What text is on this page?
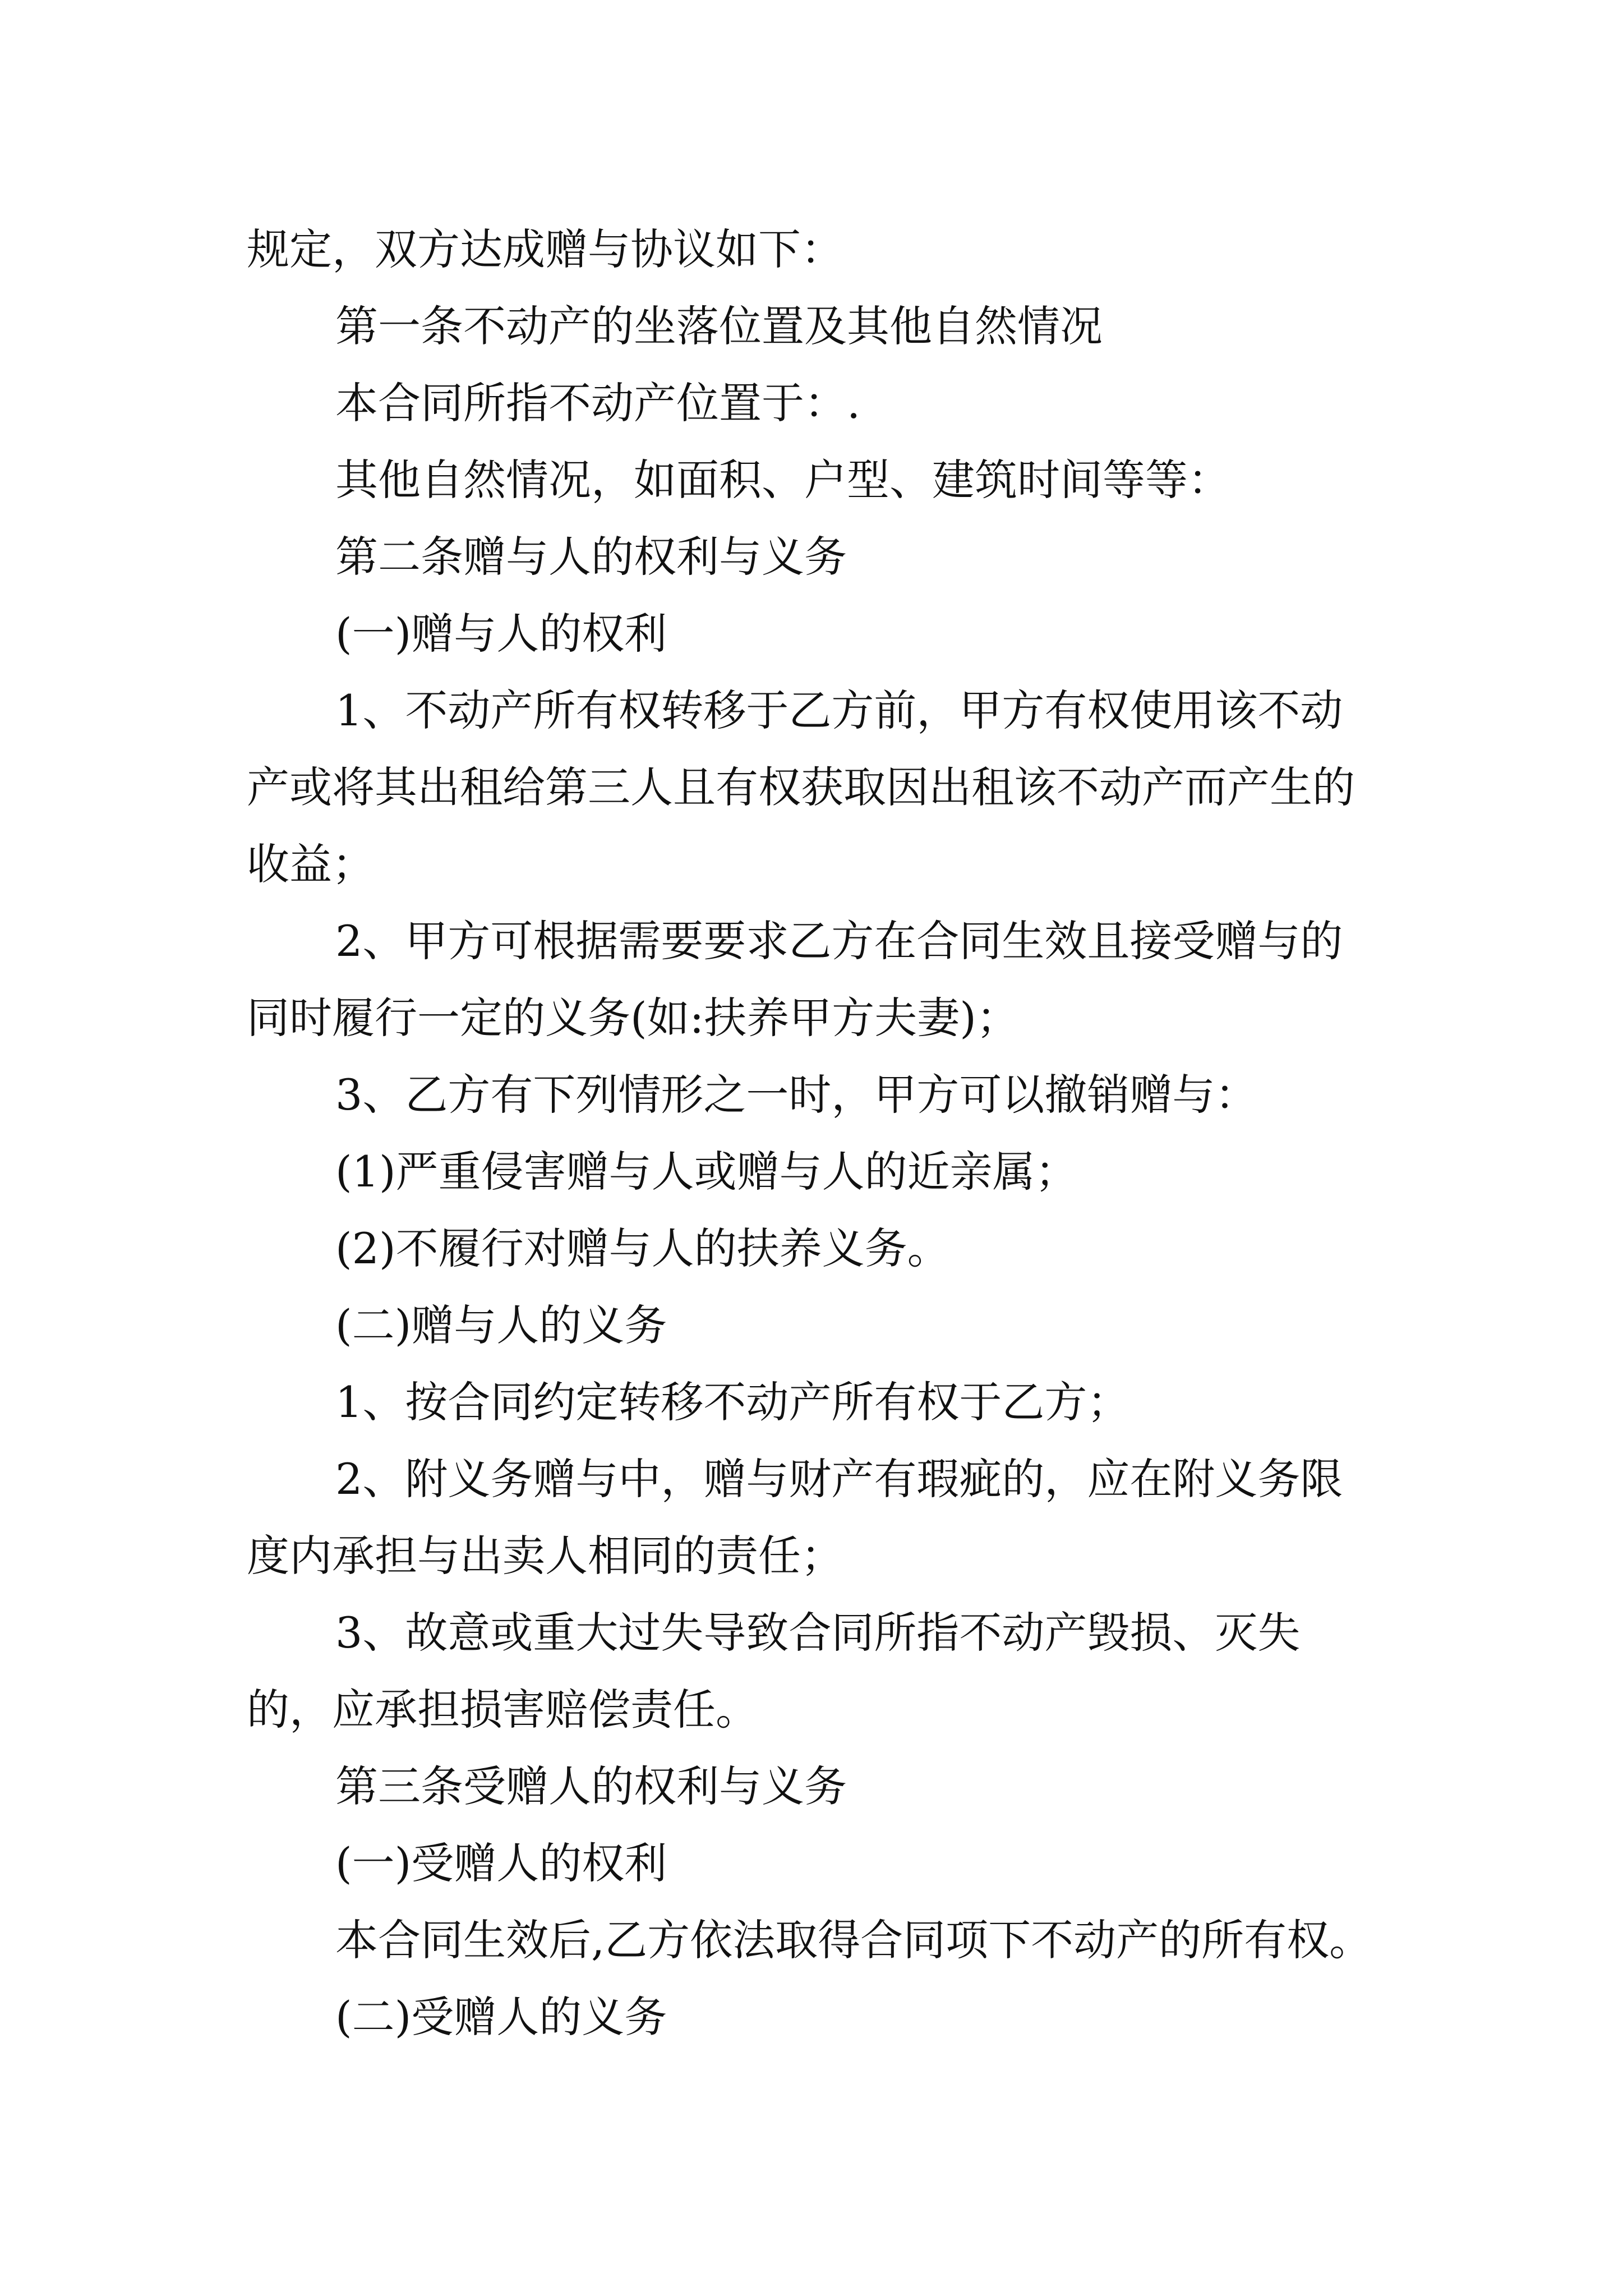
规定，双方达成赠与协议如下：

第一条不动产的坐落位置及其他自然情况

本合同所指不动产位置于：.

其他自然情况，如面积、户型、建筑时间等等：

第二条赠与人的权利与义务

(一)赠与人的权利

1、不动产所有权转移于乙方前，甲方有权使用该不动产或将其出租给第三人且有权获取因出租该不动产而产生的收益；

2、甲方可根据需要要求乙方在合同生效且接受赠与的同时履行一定的义务(如:扶养甲方夫妻)；

3、乙方有下列情形之一时，甲方可以撤销赠与：

(1)严重侵害赠与人或赠与人的近亲属；

(2)不履行对赠与人的扶养义务。

(二)赠与人的义务

1、按合同约定转移不动产所有权于乙方；

2、附义务赠与中，赠与财产有瑕疵的，应在附义务限度内承担与出卖人相同的责任；

3、故意或重大过失导致合同所指不动产毁损、灭失的，应承担损害赔偿责任。

第三条受赠人的权利与义务

(一)受赠人的权利

本合同生效后,乙方依法取得合同项下不动产的所有权。

(二)受赠人的义务
